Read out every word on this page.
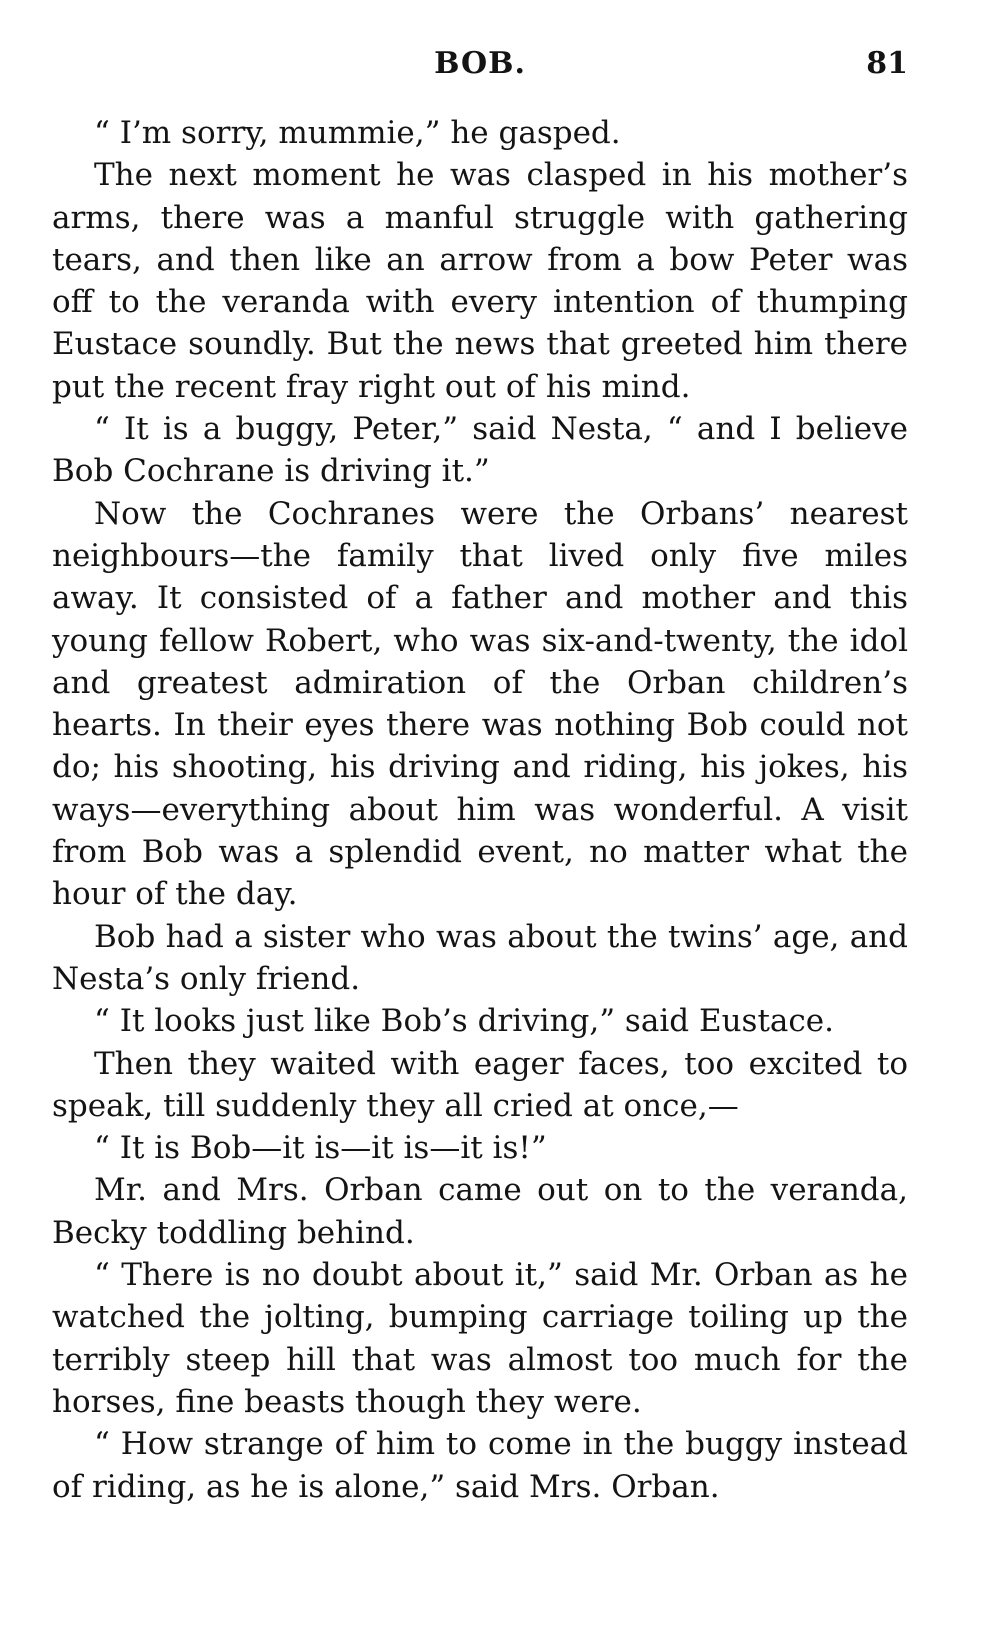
BOB.	81

“ I’m sorry, mummie,” he gasped.

The next moment he was clasped in his mother’s arms, there was a manful struggle with gathering tears, and then like an arrow from a bow Peter was off to the veranda with every intention of thumping Eustace soundly. But the news that greeted him there put the recent fray right out of his mind.

“ It is a buggy, Peter,” said Nesta, “ and I believe Bob Cochrane is driving it.”

Now the Cochranes were the Orbans’ nearest neighbours—the family that lived only five miles away. It consisted of a father and mother and this young fellow Robert, who was six-and-twenty, the idol and greatest admiration of the Orban children’s hearts. In their eyes there was nothing Bob could not do; his shooting, his driving and riding, his jokes, his ways—everything about him was wonderful. A visit from Bob was a splendid event, no matter what the hour of the day.

Bob had a sister who was about the twins’ age, and Nesta’s only friend.

“ It looks just like Bob’s driving,” said Eustace.

Then they waited with eager faces, too excited to speak, till suddenly they all cried at once,—

“ It is Bob—it is—it is—it is!”

Mr. and Mrs. Orban came out on to the veranda, Becky toddling behind.

“ There is no doubt about it,” said Mr. Orban as he watched the jolting, bumping carriage toiling up the terribly steep hill that was almost too much for the horses, fine beasts though they were.

“ How strange of him to come in the buggy instead of riding, as he is alone,” said Mrs. Orban.
